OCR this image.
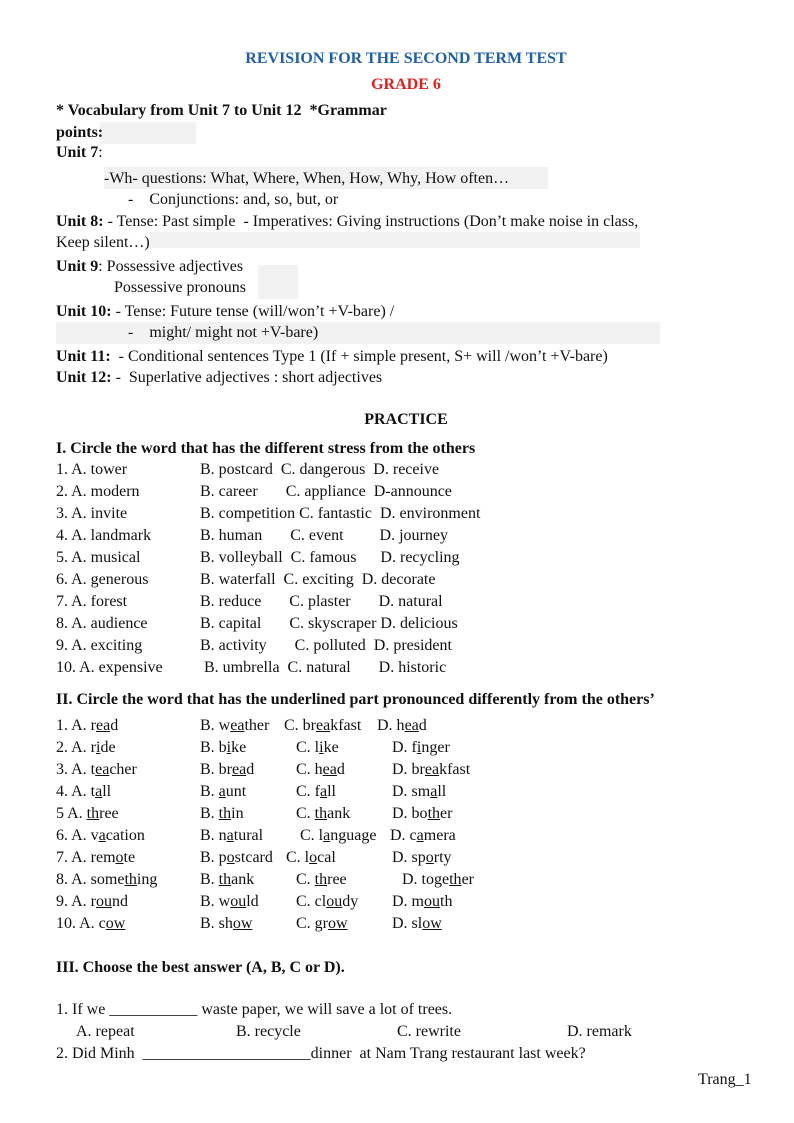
REVISION FOR THE SECOND TERM TEST
GRADE 6
* Vocabulary from Unit 7 to Unit 12  *Grammar
points:
Unit 7:
-Wh- questions: What, Where, When, How, Why, How often…
-    Conjunctions: and, so, but, or
Unit 8: - Tense: Past simple  - Imperatives: Giving instructions (Don’t make noise in class,
Keep silent…)
Unit 9: Possessive adjectives
Possessive pronouns
Unit 10: - Tense: Future tense (will/won’t +V-bare) /
-    might/ might not +V-bare)
Unit 11:  - Conditional sentences Type 1 (If + simple present, S+ will /won’t +V-bare)
Unit 12: -  Superlative adjectives : short adjectives
PRACTICE
I. Circle the word that has the different stress from the others
1. A. tower	B. postcard  C. dangerous  D. receive
2. A. modern	B. career       C. appliance  D-announce
3. A. invite	B. competition C. fantastic  D. environment
4. A. landmark	B. human       C. event         D. journey
5. A. musical	B. volleyball  C. famous      D. recycling
6. A. generous	B. waterfall  C. exciting  D. decorate
7. A. forest	B. reduce       C. plaster       D. natural
8. A. audience	B. capital       C. skyscraper D. delicious
9. A. exciting	B. activity       C. polluted  D. president
10. A. expensive	B. umbrella  C. natural       D. historic
II. Circle the word that has the underlined part pronounced differently from the others’
1. A. read	B. weather C. breakfast D. head
2. A. ride	B. bike	C. like	D. finger
3. A. teacher	B. bread	C. head	D. breakfast
4. A. tall	B. aunt	C. fall	D. small
5 A. three	B. thin	C. thank	D. bother
6. A. vacation	B. natural C. language D. camera
7. A. remote	B. postcard C. local	D. sporty
8. A. something	B. thank	C. three	D. together
9. A. round	B. would C. cloudy D. mouth
10. A. cow	B. show	C. grow	D. slow
III. Choose the best answer (A, B, C or D).
1. If we ___________ waste paper, we will save a lot of trees.
A. repeat	B. recycle	C. rewrite	D. remark
2. Did Minh  _____________________dinner  at Nam Trang restaurant last week?
Trang_1
